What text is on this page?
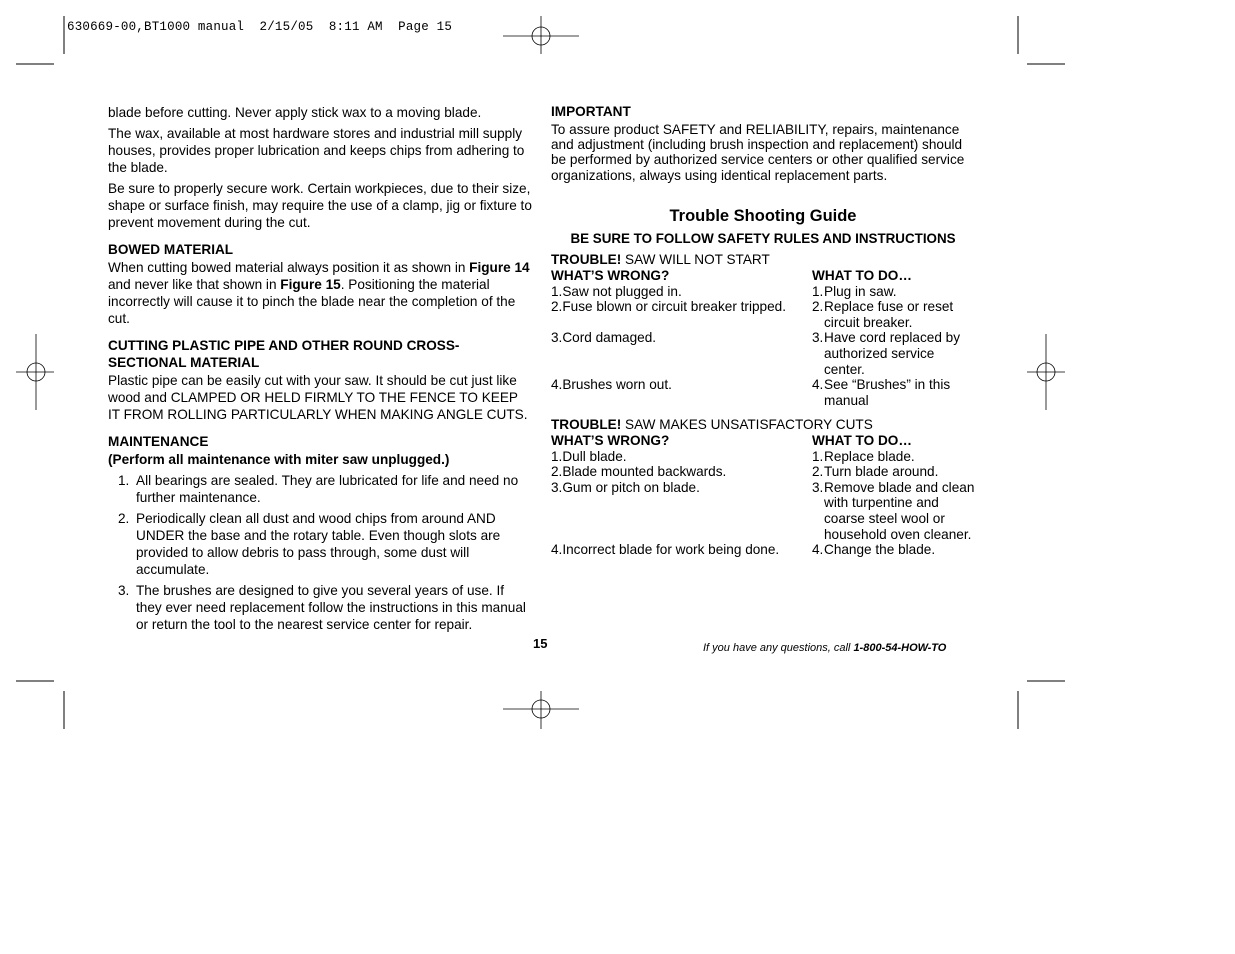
630669-00,BT1000 manual  2/15/05  8:11 AM  Page 15

blade before cutting. Never apply stick wax to a moving blade.

The wax, available at most hardware stores and industrial mill supply houses, provides proper lubrication and keeps chips from adhering to the blade.

Be sure to properly secure work. Certain workpieces, due to their size, shape or surface finish, may require the use of a clamp, jig or fixture to prevent movement during the cut.

BOWED MATERIAL

When cutting bowed material always position it as shown in Figure 14 and never like that shown in Figure 15. Positioning the material incorrectly will cause it to pinch the blade near the completion of the cut.

CUTTING PLASTIC PIPE AND OTHER ROUND CROSS-SECTIONAL MATERIAL

Plastic pipe can be easily cut with your saw. It should be cut just like wood and CLAMPED OR HELD FIRMLY TO THE FENCE TO KEEP IT FROM ROLLING PARTICULARLY WHEN MAKING ANGLE CUTS.

MAINTENANCE
(Perform all maintenance with miter saw unplugged.)
1. All bearings are sealed. They are lubricated for life and need no further maintenance.
2. Periodically clean all dust and wood chips from around AND UNDER the base and the rotary table. Even though slots are provided to allow debris to pass through, some dust will accumulate.
3. The brushes are designed to give you several years of use. If they ever need replacement follow the instructions in this manual or return the tool to the nearest service center for repair.
IMPORTANT
To assure product SAFETY and RELIABILITY, repairs, maintenance and adjustment (including brush inspection and replacement) should be performed by authorized service centers or other qualified service organizations, always using identical replacement parts.
Trouble Shooting Guide
BE SURE TO FOLLOW SAFETY RULES AND INSTRUCTIONS
TROUBLE! SAW WILL NOT START
WHAT’S WRONG?	WHAT TO DO…
1.Saw not plugged in.	1. Plug in saw.
2.Fuse blown or circuit breaker tripped.	2. Replace fuse or reset circuit breaker.
3.Cord damaged.	3. Have cord replaced by authorized service center.
4.Brushes worn out.	4. See “Brushes” in this manual
TROUBLE! SAW MAKES UNSATISFACTORY CUTS
WHAT’S WRONG?	WHAT TO DO…
1.Dull blade.	1. Replace blade.
2.Blade mounted backwards.	2. Turn blade around.
3.Gum or pitch on blade.	3. Remove blade and clean with turpentine and coarse steel wool or household oven cleaner.
4.Incorrect blade for work being done.	4. Change the blade.
15	If you have any questions, call 1-800-54-HOW-TO
